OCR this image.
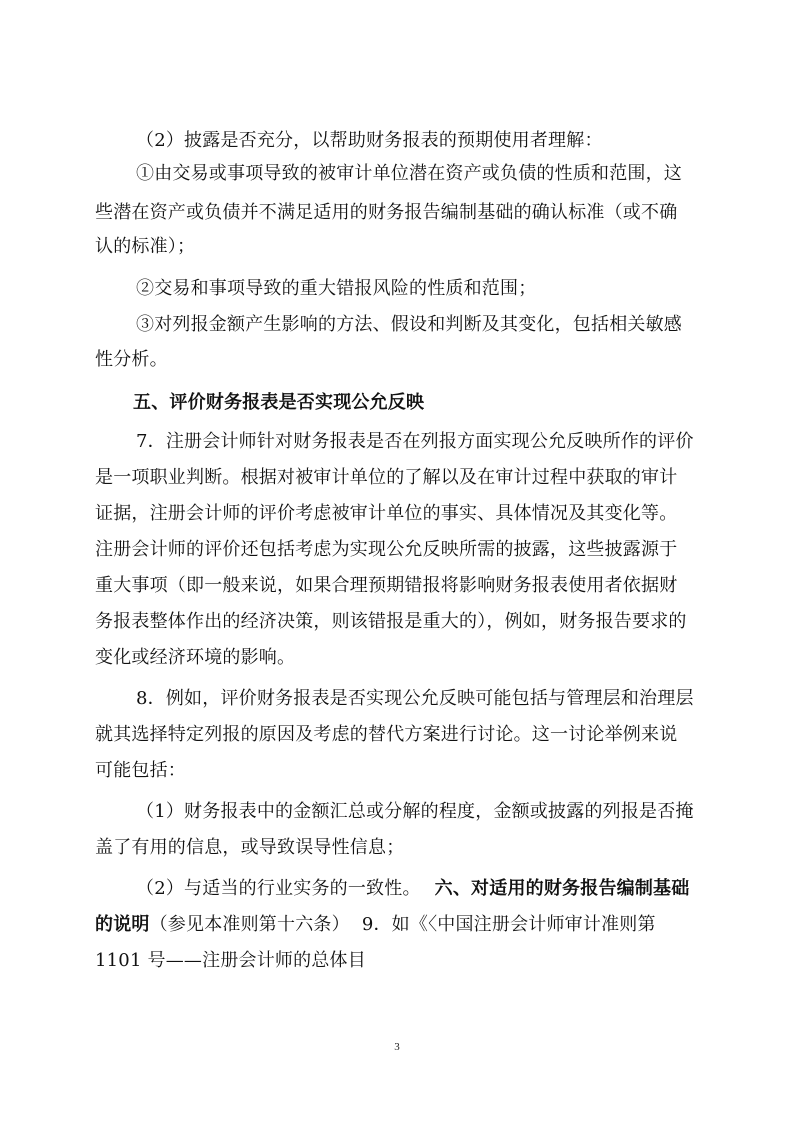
（2）披露是否充分，以帮助财务报表的预期使用者理解：
①由交易或事项导致的被审计单位潜在资产或负债的性质和范围，这
些潜在资产或负债并不满足适用的财务报告编制基础的确认标准（或不确
认的标准）；
②交易和事项导致的重大错报风险的性质和范围；
③对列报金额产生影响的方法、假设和判断及其变化，包括相关敏感
性分析。
五、评价财务报表是否实现公允反映
7．注册会计师针对财务报表是否在列报方面实现公允反映所作的评价
是一项职业判断。根据对被审计单位的了解以及在审计过程中获取的审计
证据，注册会计师的评价考虑被审计单位的事实、具体情况及其变化等。
注册会计师的评价还包括考虑为实现公允反映所需的披露，这些披露源于
重大事项（即一般来说，如果合理预期错报将影响财务报表使用者依据财
务报表整体作出的经济决策，则该错报是重大的），例如，财务报告要求的
变化或经济环境的影响。
8．例如，评价财务报表是否实现公允反映可能包括与管理层和治理层
就其选择特定列报的原因及考虑的替代方案进行讨论。这一讨论举例来说
可能包括：
（1）财务报表中的金额汇总或分解的程度，金额或披露的列报是否掩
盖了有用的信息，或导致误导性信息；
（2）与适当的行业实务的一致性。 六、对适用的财务报告编制基础
的说明（参见本准则第十六条） 9．如《〈中国注册会计师审计准则第
1101 号——注册会计师的总体目
3
